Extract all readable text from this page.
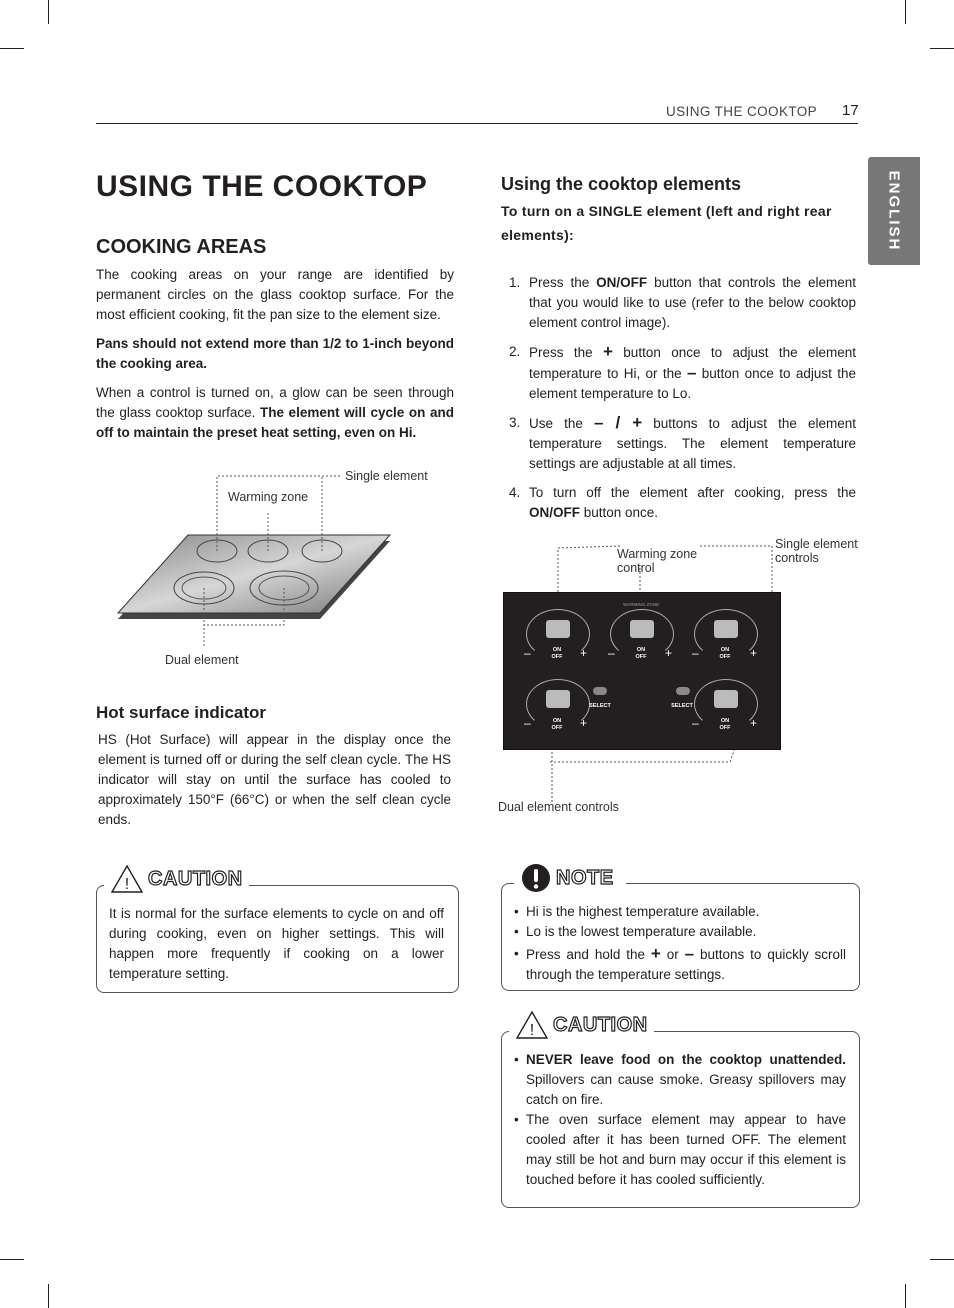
USING THE COOKTOP 17
ENGLISH
USING THE COOKTOP
COOKING AREAS

The cooking areas on your range are identified by permanent circles on the glass cooktop surface. For the most efficient cooking, fit the pan size to the element size.

Pans should not extend more than 1/2 to 1-inch beyond the cooking area.

When a control is turned on, a glow can be seen through the glass cooktop surface. The element will cycle on and off to maintain the preset heat setting, even on Hi.

Single element
Warming zone
Dual element
Hot surface indicator

HS (Hot Surface) will appear in the display once the element is turned off or during the self clean cycle. The HS indicator will stay on until the surface has cooled to approximately 150°F (66°C) or when the self clean cycle ends.

It is normal for the surface elements to cycle on and off during cooking, even on higher settings. This will happen more frequently if cooking on a lower temperature setting.

! CAUTION
Using the cooktop elements

To turn on a SINGLE element (left and right rear elements):

1. Press the ON/OFF button that controls the element that you would like to use (refer to the below cooktop element control image).
2. Press the + button once to adjust the element temperature to Hi, or the – button once to adjust the element temperature to Lo.
3. Use the – / + buttons to adjust the element temperature settings. The element temperature settings are adjustable at all times.
4. To turn off the element after cooking, press the ON/OFF button once.
Warming zone control
Single element controls
Dual element controls
WARMING ZONE
–	ON
OFF + –	ON
OFF + –	ON
OFF +
SELECT	SELECT
–	ON
OFF +	–	ON
OFF +
• Hi is the highest temperature available.
• Lo is the lowest temperature available.
• Press and hold the + or – buttons to quickly scroll through the temperature settings.
NOTE
• NEVER leave food on the cooktop unattended. Spillovers can cause smoke. Greasy spillovers may catch on fire.
• The oven surface element may appear to have cooled after it has been turned OFF. The element may still be hot and burn may occur if this element is touched before it has cooled sufficiently.
! CAUTION
